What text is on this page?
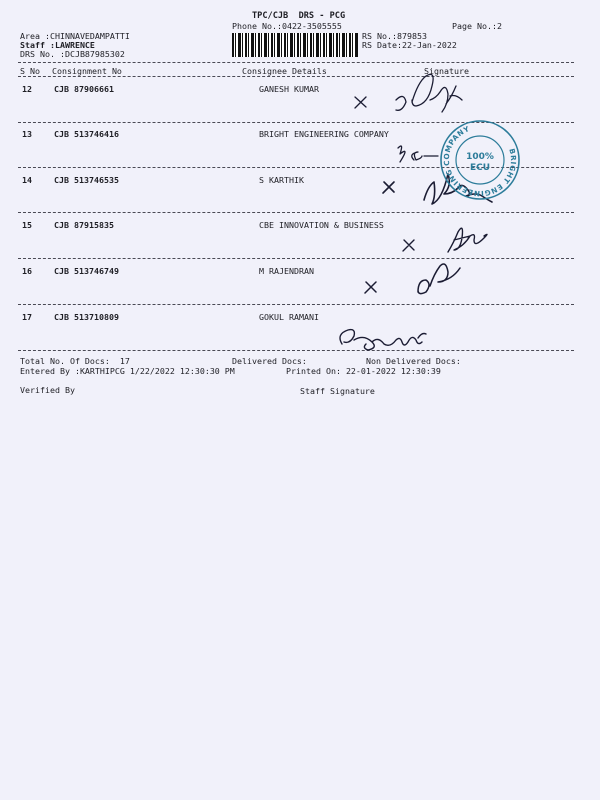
TPC/CJB  DRS - PCG
Phone No.:0422-3505555	Page No.:2
Area :CHINNAVEDAMPATTI
Staff :LAWRENCE
DRS No. :DCJB87985302
RS No.:879853
RS Date:22-Jan-2022
S No Consignment No	Consignee Details	Signature
12	CJB 87906661	GANESH KUMAR
13	CJB 513746416	BRIGHT ENGINEERING COMPANY
14	CJB 513746535	S KARTHIK
15	CJB 87915835	CBE INNOVATION & BUSINESS
16	CJB 513746749	M RAJENDRAN
17	CJB 513710809	GOKUL RAMANI
Total No. Of Docs:  17	Delivered Docs:	Non Delivered Docs:
Entered By :KARTHIPCG 1/22/2022 12:30:30 PM	Printed On: 22-01-2022 12:30:39
Verified By	Staff Signature
BRIGHT ENGINEERING COMPANY
100%
ECU
